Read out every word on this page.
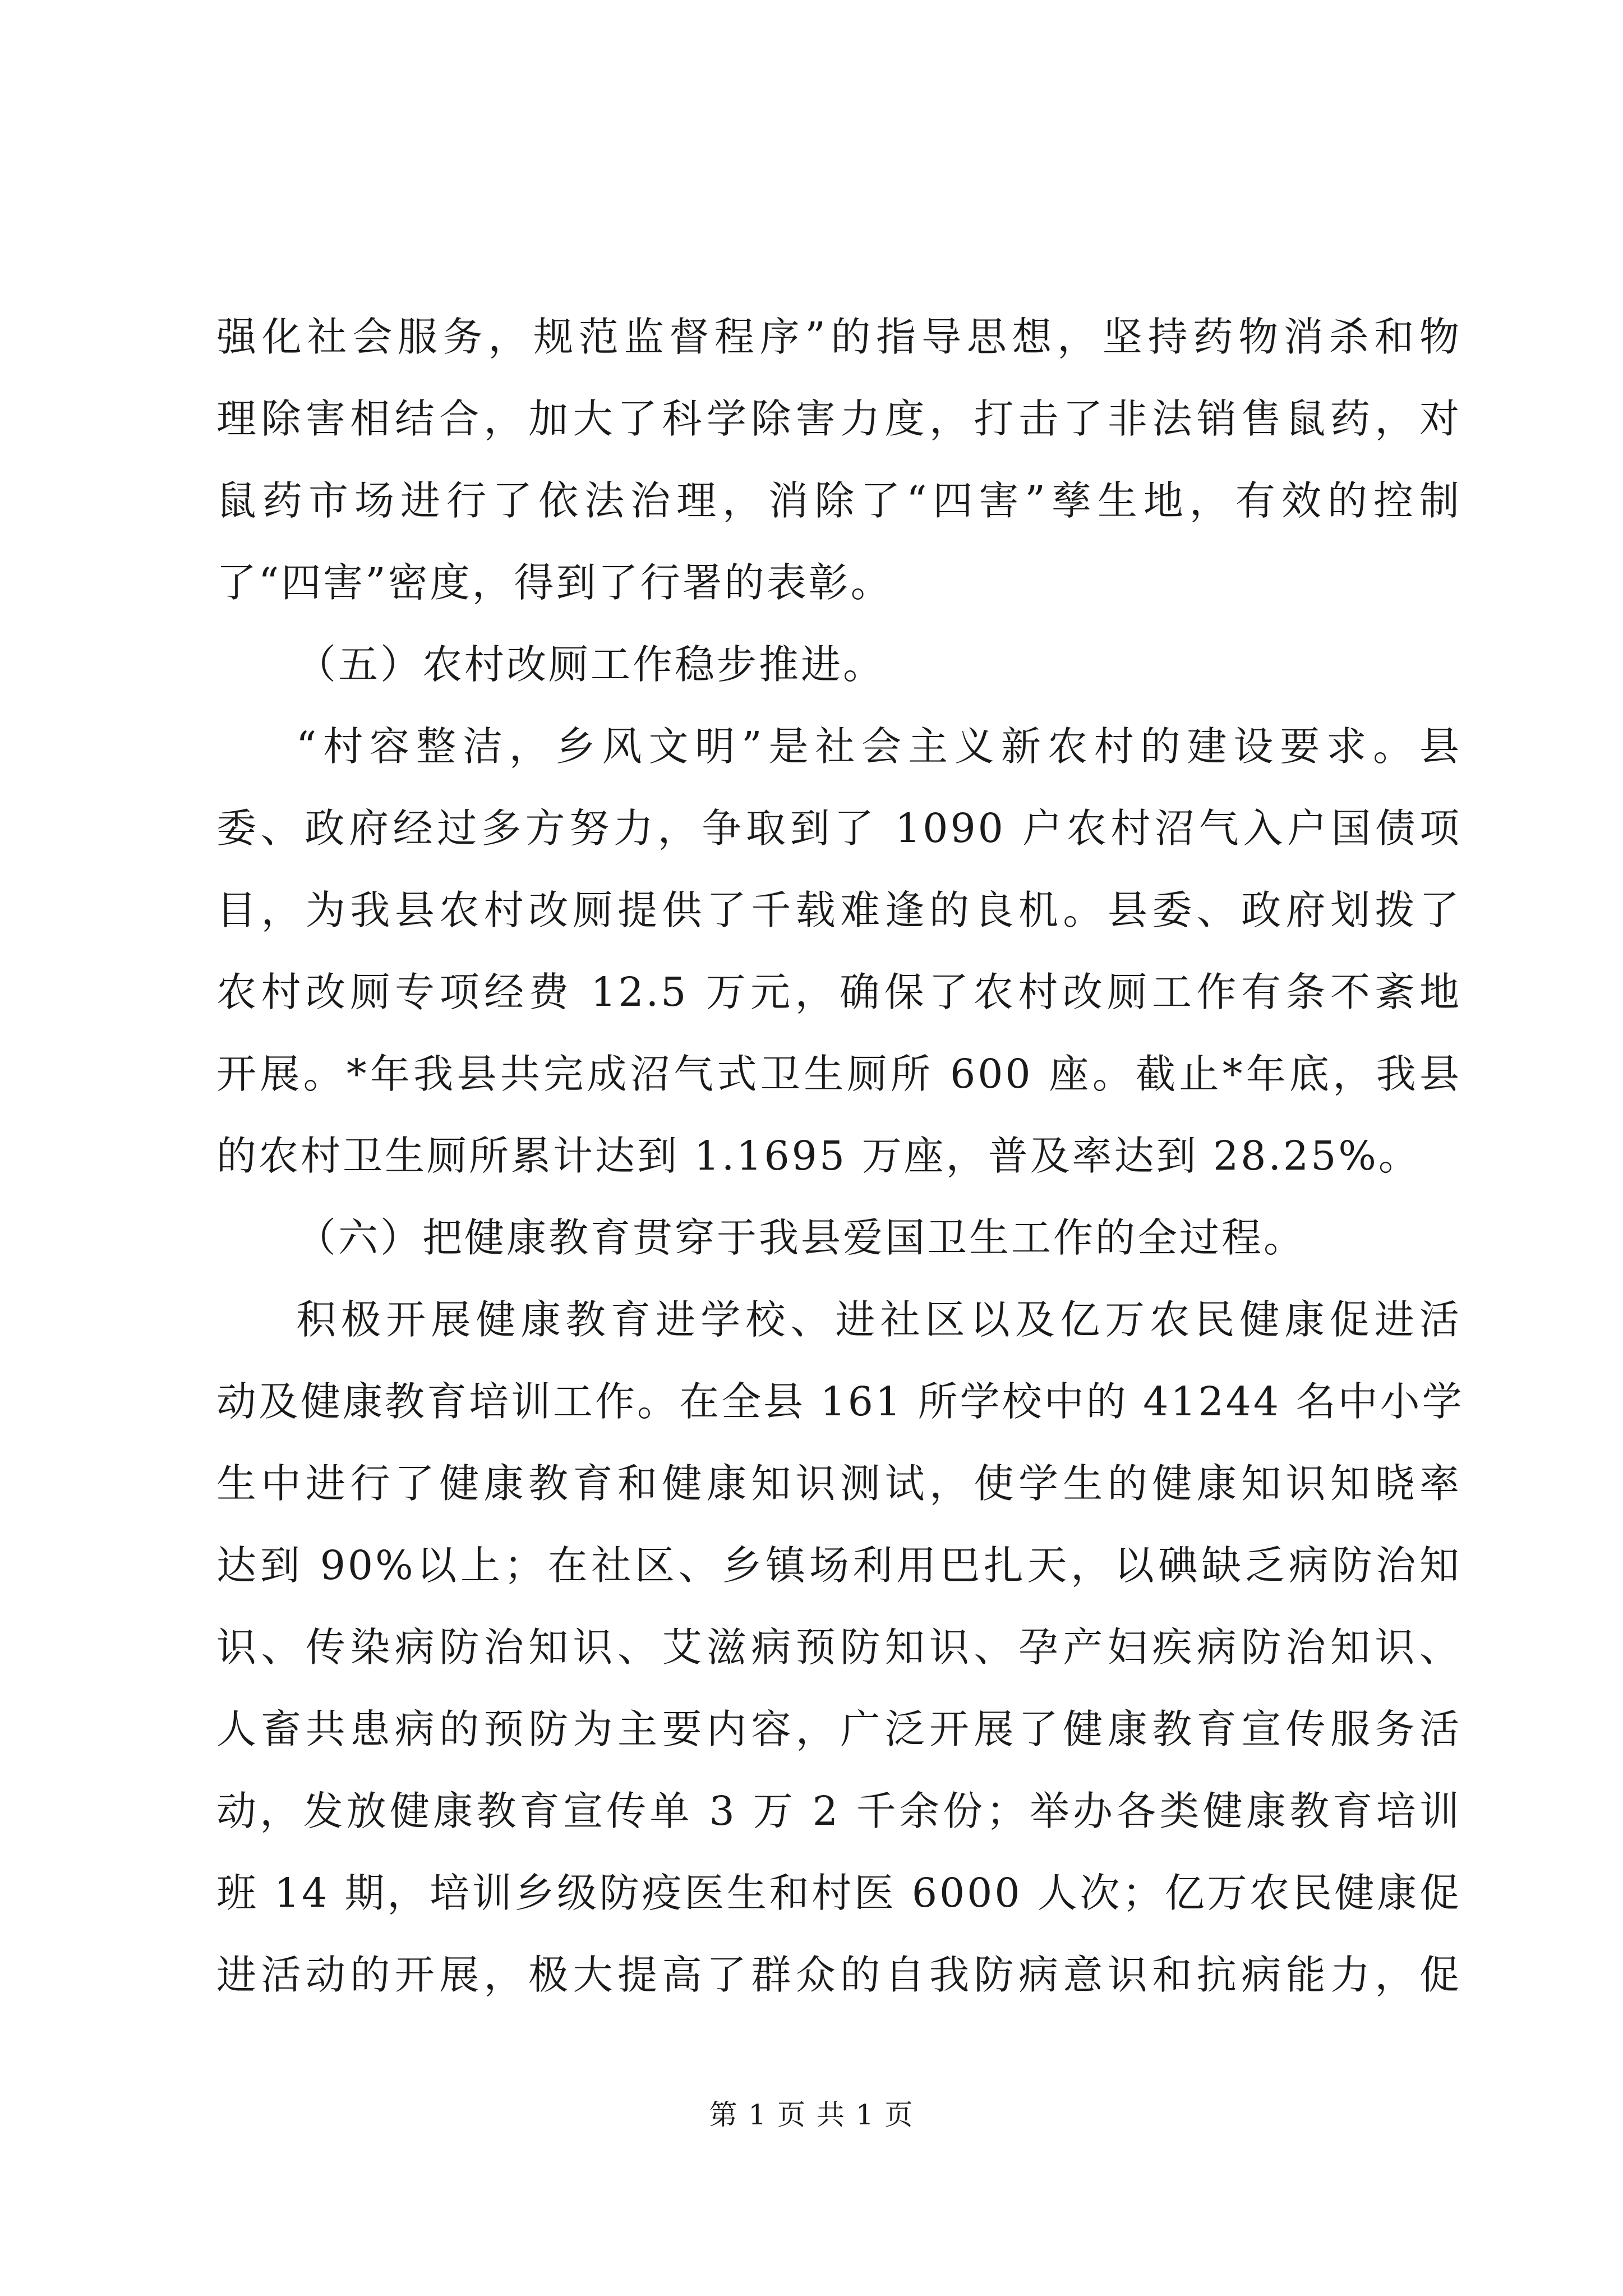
强化社会服务，规范监督程序”的指导思想，坚持药物消杀和物
理除害相结合，加大了科学除害力度，打击了非法销售鼠药，对
鼠药市场进行了依法治理，消除了“四害”孳生地，有效的控制
了“四害”密度，得到了行署的表彰。
（五）农村改厕工作稳步推进。
“村容整洁，乡风文明”是社会主义新农村的建设要求。县
委、政府经过多方努力，争取到了 1090 户农村沼气入户国债项
目，为我县农村改厕提供了千载难逢的良机。县委、政府划拨了
农村改厕专项经费 12.5 万元，确保了农村改厕工作有条不紊地
开展。*年我县共完成沼气式卫生厕所 600 座。截止*年底，我县
的农村卫生厕所累计达到 1.1695 万座，普及率达到 28.25%。
（六）把健康教育贯穿于我县爱国卫生工作的全过程。
积极开展健康教育进学校、进社区以及亿万农民健康促进活
动及健康教育培训工作。在全县 161 所学校中的 41244 名中小学
生中进行了健康教育和健康知识测试，使学生的健康知识知晓率
达到 90%以上；在社区、乡镇场利用巴扎天，以碘缺乏病防治知
识、传染病防治知识、艾滋病预防知识、孕产妇疾病防治知识、
人畜共患病的预防为主要内容，广泛开展了健康教育宣传服务活
动，发放健康教育宣传单 3 万 2 千余份；举办各类健康教育培训
班 14 期，培训乡级防疫医生和村医 6000 人次；亿万农民健康促
进活动的开展，极大提高了群众的自我防病意识和抗病能力，促
第 1 页 共 1 页
